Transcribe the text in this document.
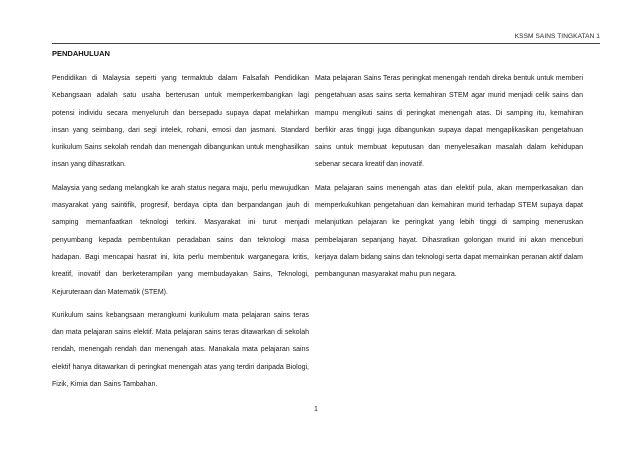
KSSM SAINS TINGKATAN 1
PENDAHULUAN

Pendidikan di Malaysia seperti yang termaktub dalam Falsafah Pendidikan Kebangsaan adalah satu usaha berterusan untuk memperkembangkan lagi potensi individu secara menyeluruh dan bersepadu supaya dapat melahirkan insan yang seimbang, dari segi intelek, rohani, emosi dan jasmani. Standard kurikulum Sains sekolah rendah dan menengah dibangunkan untuk menghasilkan insan yang dihasratkan.

Malaysia yang sedang melangkah ke arah status negara maju, perlu mewujudkan masyarakat yang saintifik, progresif, berdaya cipta dan berpandangan jauh di samping memanfaatkan teknologi terkini. Masyarakat ini turut menjadi penyumbang kepada pembentukan peradaban sains dan teknologi masa hadapan. Bagi mencapai hasrat ini, kita perlu membentuk warganegara kritis, kreatif, inovatif dan berketerampilan yang membudayakan Sains, Teknologi, Kejuruteraan dan Matematik (STEM).

Kurikulum sains kebangsaan merangkumi kurikulum mata pelajaran sains teras dan mata pelajaran sains elektif. Mata pelajaran sains teras ditawarkan di sekolah rendah, menengah rendah dan menengah atas. Manakala mata pelajaran sains elektif hanya ditawarkan di peringkat menengah atas yang terdiri daripada Biologi, Fizik, Kimia dan Sains Tambahan.

Mata pelajaran Sains Teras peringkat menengah rendah direka bentuk untuk memberi pengetahuan asas sains serta kemahiran STEM agar murid menjadi celik sains dan mampu mengikuti sains di peringkat menengah atas. Di samping itu, kemahiran berfikir aras tinggi juga dibangunkan supaya dapat mengaplikasikan pengetahuan sains untuk membuat keputusan dan menyelesaikan masalah dalam kehidupan sebenar secara kreatif dan inovatif.

Mata pelajaran sains menengah atas dan elektif pula, akan memperkasakan dan memperkukuhkan pengetahuan dan kemahiran murid terhadap STEM supaya dapat melanjutkan pelajaran ke peringkat yang lebih tinggi di samping meneruskan pembelajaran sepanjang hayat. Dihasratkan golongan murid ini akan menceburi kerjaya dalam bidang sains dan teknologi serta dapat memainkan peranan aktif dalam pembangunan masyarakat mahu pun negara.

1
